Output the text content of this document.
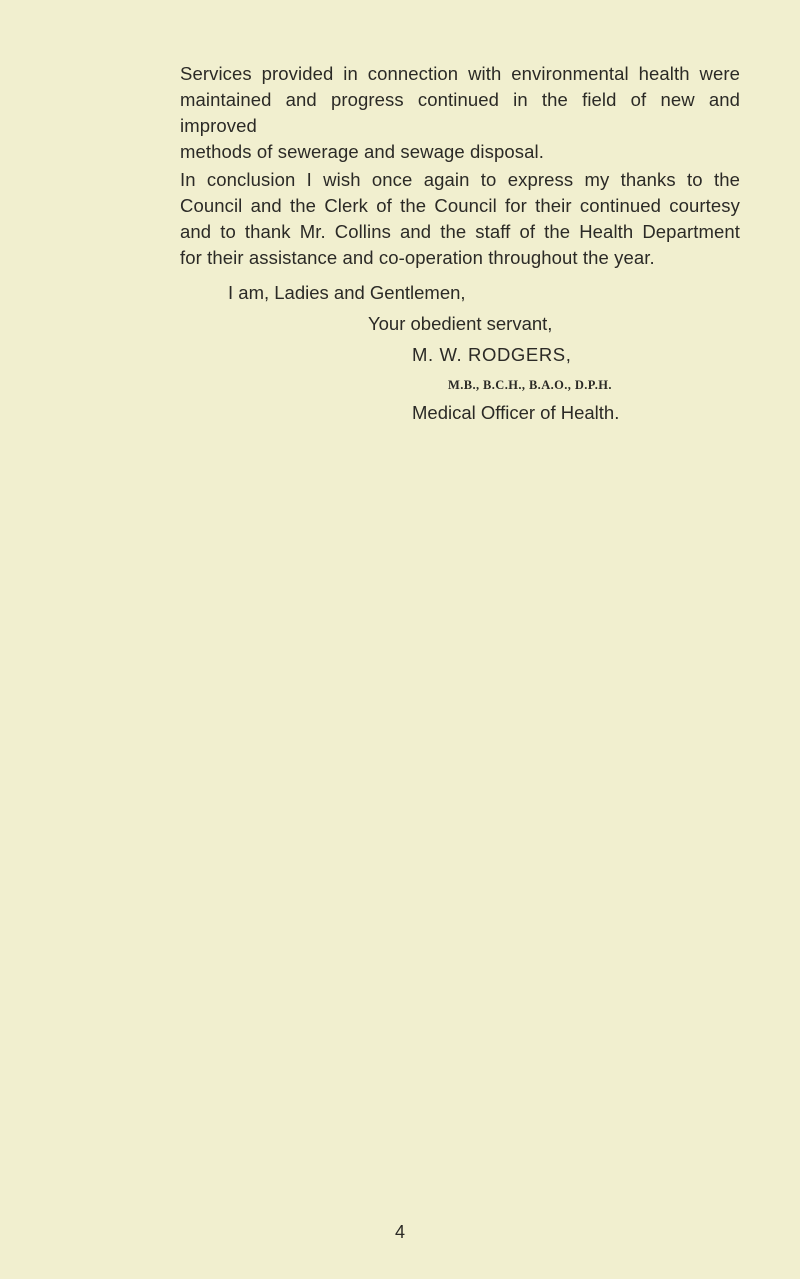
Services provided in connection with environmental health were
maintained and progress continued in the field of new and improved
methods of sewerage and sewage disposal.
In conclusion I wish once again to express my thanks to the
Council and the Clerk of the Council for their continued courtesy
and to thank Mr. Collins and the staff of the Health Department
for their assistance and co-operation throughout the year.
I am, Ladies and Gentlemen,
Your obedient servant,
M. W. RODGERS,
M.B., B.C.H., B.A.O., D.P.H.
Medical Officer of Health.
4
